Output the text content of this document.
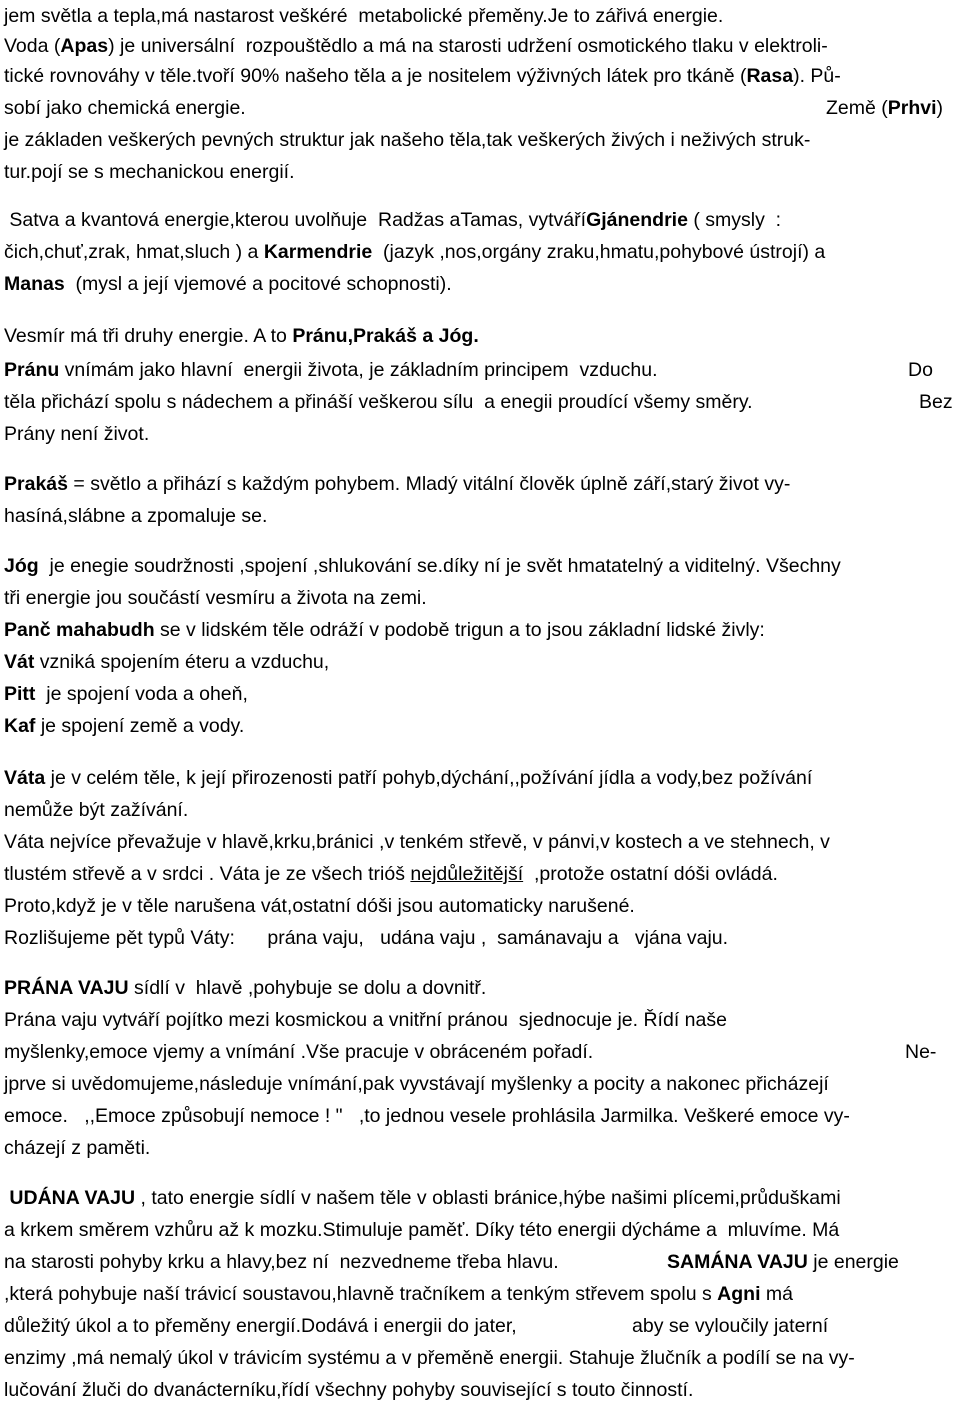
jem světla a tepla,má nastarost veškéré  metabolické přeměny.Je to zářivá energie.
Voda (Apas) je universální  rozpouštědlo a má na starosti udržení osmotického tlaku v elektroli-
tické rovnováhy v těle.tvoří 90% našeho těla a je nositelem výživných látek pro tkáně (Rasa). Pů-
sobí jako chemická energie.
je základen veškerých pevných struktur jak našeho těla,tak veškerých živých i neživých struk-
tur.pojí se s mechanickou energií.
Satva a kvantová energie,kterou uvolňuje  Radžas aTamas, vytváříGjánendrie ( smysly  :
čich,chuť,zrak, hmat,sluch ) a Karmendrie  (jazyk ,nos,orgány zraku,hmatu,pohybové ústrojí) a
Manas  (mysl a její vjemové a pocitové schopnosti).
Vesmír má tři druhy energie. A to Pránu,Prakáš a Jóg.
Pránu vnímám jako hlavní  energii života, je základním principem  vzduchu.
těla přichází spolu s nádechem a přináší veškerou sílu  a enegii proudící všemy směry.
Prány není život.
Prakáš = světlo a přihází s každým pohybem. Mladý vitální člověk úplně září,starý život vy-
hasíná,slábne a zpomaluje se.
Jóg  je enegie soudržnosti ,spojení ,shlukování se.díky ní je svět hmatatelný a viditelný. Všechny
tři energie jou součástí vesmíru a života na zemi.
Panč mahabudh se v lidském těle odráží v podobě trigun a to jsou základní lidské živly:
Vát vzniká spojením éteru a vzduchu,
Pitt  je spojení voda a oheň,
Kaf je spojení země a vody.
Váta je v celém těle, k její přirozenosti patří pohyb,dýchání,,požívání jídla a vody,bez požívání
nemůže být zažívání.
Váta nejvíce převažuje v hlavě,krku,bránici ,v tenkém střevě, v pánvi,v kostech a ve stehnech, v
tlustém střevě a v srdci . Váta je ze všech trióš nejdůležitější  ,protože ostatní dóši ovládá.
Proto,když je v těle narušena vát,ostatní dóši jsou automaticky narušené.
Rozlišujeme pět typů Váty:      prána vaju,   udána vaju ,  samánavaju a   vjána vaju.
PRÁNA VAJU sídlí v  hlavě ,pohybuje se dolu a dovnitř.
Prána vaju vytváří pojítko mezi kosmickou a vnitřní pránou  sjednocuje je. Řídí naše
myšlenky,emoce vjemy a vnímání .Vše pracuje v obráceném pořadí.
jprve si uvědomujeme,následuje vnímání,pak vyvstávají myšlenky a pocity a nakonec přicházejí
emoce.   ,,Emoce způsobují nemoce ! "   ,to jednou vesele prohlásila Jarmilka. Veškeré emoce vy-
cházejí z paměti.
UDÁNA VAJU , tato energie sídlí v našem těle v oblasti bránice,hýbe našimi plícemi,průduškami
a krkem směrem vzhůru až k mozku.Stimuluje paměť. Díky této energii dýcháme a  mluvíme. Má
na starosti pohyby krku a hlavy,bez ní  nezvedneme třeba hlavu.
,která pohybuje naší trávicí soustavou,hlavně tračníkem a tenkým střevem spolu s Agni má
důležitý úkol a to přeměny energií.Dodává i energii do jater,
enzimy ,má nemalý úkol v trávicím systému a v přeměně energii. Stahuje žlučník a podílí se na vy-
lučování žluči do dvanácterníku,řídí všechny pohyby související s touto činností.
Země (Prhvi)
Do
Bez
Ne-
SAMÁNA VAJU je energie
aby se vyloučily jaterní
